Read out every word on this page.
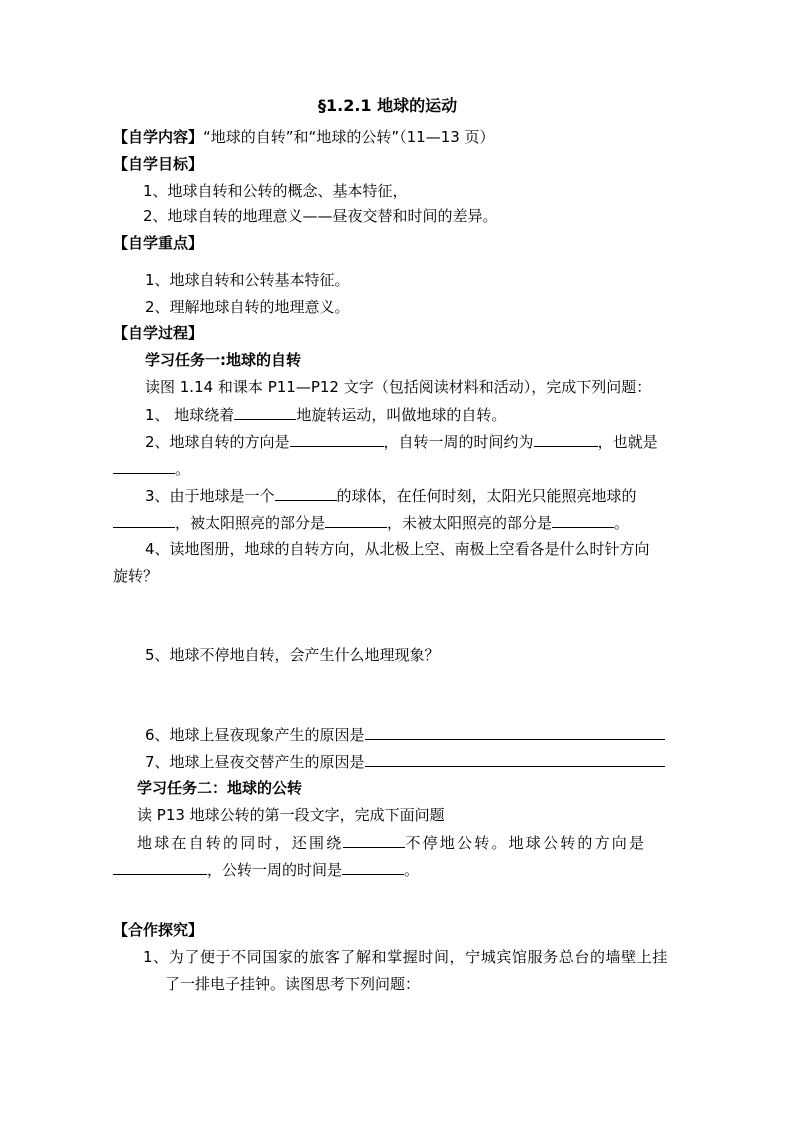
§1.2.1 地球的运动
【自学内容】“地球的自转”和“地球的公转”（11—13 页）
【自学目标】
1、地球自转和公转的概念、基本特征，
2、地球自转的地理意义——昼夜交替和时间的差异。
【自学重点】
1、地球自转和公转基本特征。
2、理解地球自转的地理意义。
【自学过程】
学习任务一:地球的自转
读图 1.14 和课本 P11—P12 文字（包括阅读材料和活动），完成下列问题：
1、 地球绕着	地旋转运动，叫做地球的自转。
2、地球自转的方向是	，自转一周的时间约为	，也就是
。
3、由于地球是一个	的球体，在任何时刻，太阳光只能照亮地球的
，被太阳照亮的部分是	，未被太阳照亮的部分是	。
4、读地图册，地球的自转方向，从北极上空、南极上空看各是什么时针方向
旋转？
5、地球不停地自转，会产生什么地理现象？
6、地球上昼夜现象产生的原因是
7、地球上昼夜交替产生的原因是
学习任务二：地球的公转
读 P13 地球公转的第一段文字，完成下面问题
地球在自转的同时，还围绕	不停地公转。地球公转的方向是
，公转一周的时间是	。
【合作探究】
1、为了便于不同国家的旅客了解和掌握时间，宁城宾馆服务总台的墙壁上挂
了一排电子挂钟。读图思考下列问题：
